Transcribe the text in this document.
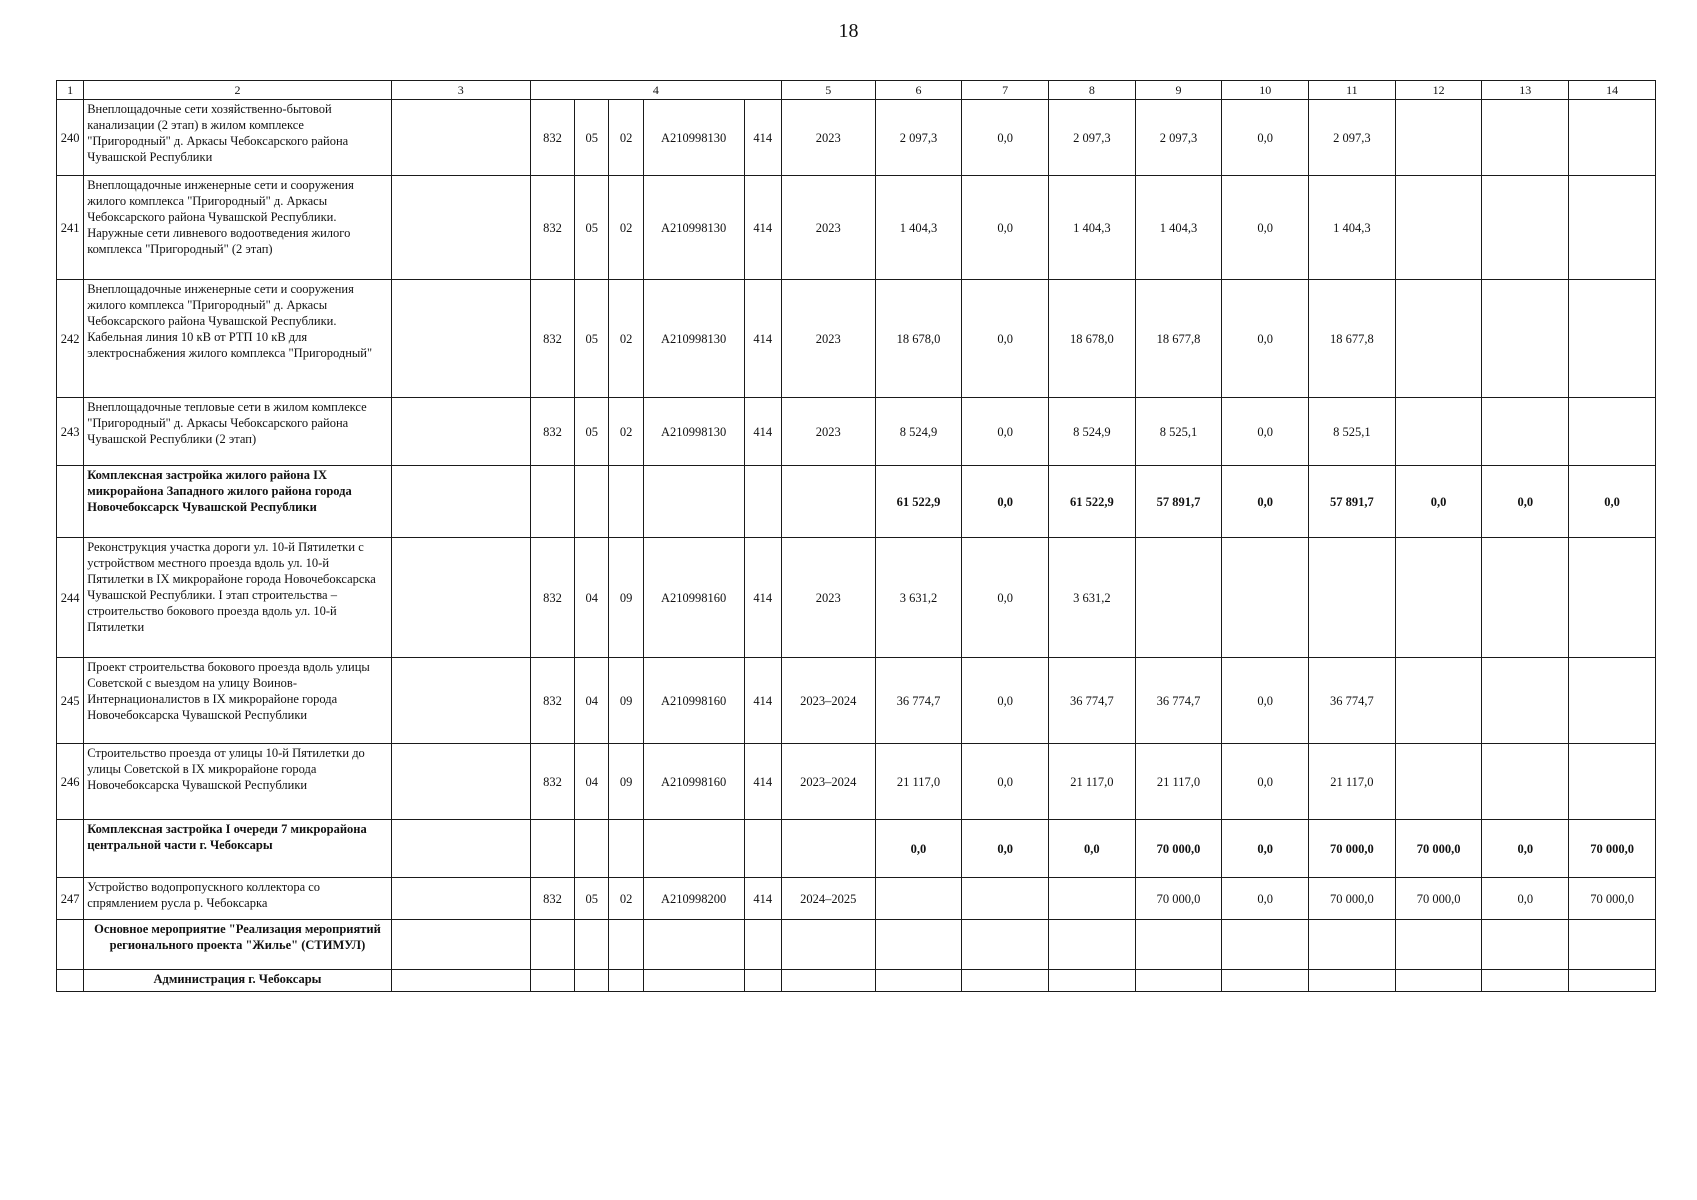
18
1	2	3	4					5	6	7	8	9	10	11	12	13	14
240	Внеплощадочные сети хозяйственно-бытовой канализации (2 этап) в жилом комплексе "Пригородный" д. Аркасы Чебоксарского района Чувашской Республики		832	05	02	А210998130	414	2023	2 097,3	0,0	2 097,3	2 097,3	0,0	2 097,3			
241	Внеплощадочные инженерные сети и сооружения жилого комплекса "Пригородный" д. Аркасы Чебоксарского района Чувашской Республики. Наружные сети ливневого водоотведения жилого комплекса "Пригородный" (2 этап)		832	05	02	А210998130	414	2023	1 404,3	0,0	1 404,3	1 404,3	0,0	1 404,3			
242	Внеплощадочные инженерные сети и сооружения жилого комплекса "Пригородный" д. Аркасы Чебоксарского района Чувашской Республики. Кабельная линия 10 кВ от РТП 10 кВ для электроснабжения жилого комплекса "Пригородный"		832	05	02	А210998130	414	2023	18 678,0	0,0	18 678,0	18 677,8	0,0	18 677,8			
243	Внеплощадочные тепловые сети в жилом комплексе "Пригородный" д. Аркасы Чебоксарского района Чувашской Республики (2 этап)		832	05	02	А210998130	414	2023	8 524,9	0,0	8 524,9	8 525,1	0,0	8 525,1			
	Комплексная застройка жилого района IX микрорайона Западного жилого района города Новочебоксарск Чувашской Республики								61 522,9	0,0	61 522,9	57 891,7	0,0	57 891,7	0,0	0,0	0,0
244	Реконструкция участка дороги ул. 10-й Пятилетки с устройством местного проезда вдоль ул. 10-й Пятилетки в IX микрорайоне города Новочебоксарска Чувашской Республики. I этап строительства – строительство бокового проезда вдоль ул. 10-й Пятилетки		832	04	09	А210998160	414	2023	3 631,2	0,0	3 631,2						
245	Проект строительства бокового проезда вдоль улицы Советской с выездом на улицу Воинов-Интернационалистов в IX микрорайоне города Новочебоксарска Чувашской Республики		832	04	09	А210998160	414	2023–2024	36 774,7	0,0	36 774,7	36 774,7	0,0	36 774,7			
246	Строительство проезда от улицы 10-й Пятилетки до улицы Советской в IX микрорайоне города Новочебоксарска Чувашской Республики		832	04	09	А210998160	414	2023–2024	21 117,0	0,0	21 117,0	21 117,0	0,0	21 117,0			
	Комплексная застройка I очереди 7 микрорайона центральной части г. Чебоксары								0,0	0,0	0,0	70 000,0	0,0	70 000,0	70 000,0	0,0	70 000,0
247	Устройство водопропускного коллектора со спрямлением русла р. Чебоксарка		832	05	02	А210998200	414	2024–2025				70 000,0	0,0	70 000,0	70 000,0	0,0	70 000,0
	Основное мероприятие "Реализация мероприятий регионального проекта "Жилье" (СТИМУЛ)																
	Администрация г. Чебоксары																
